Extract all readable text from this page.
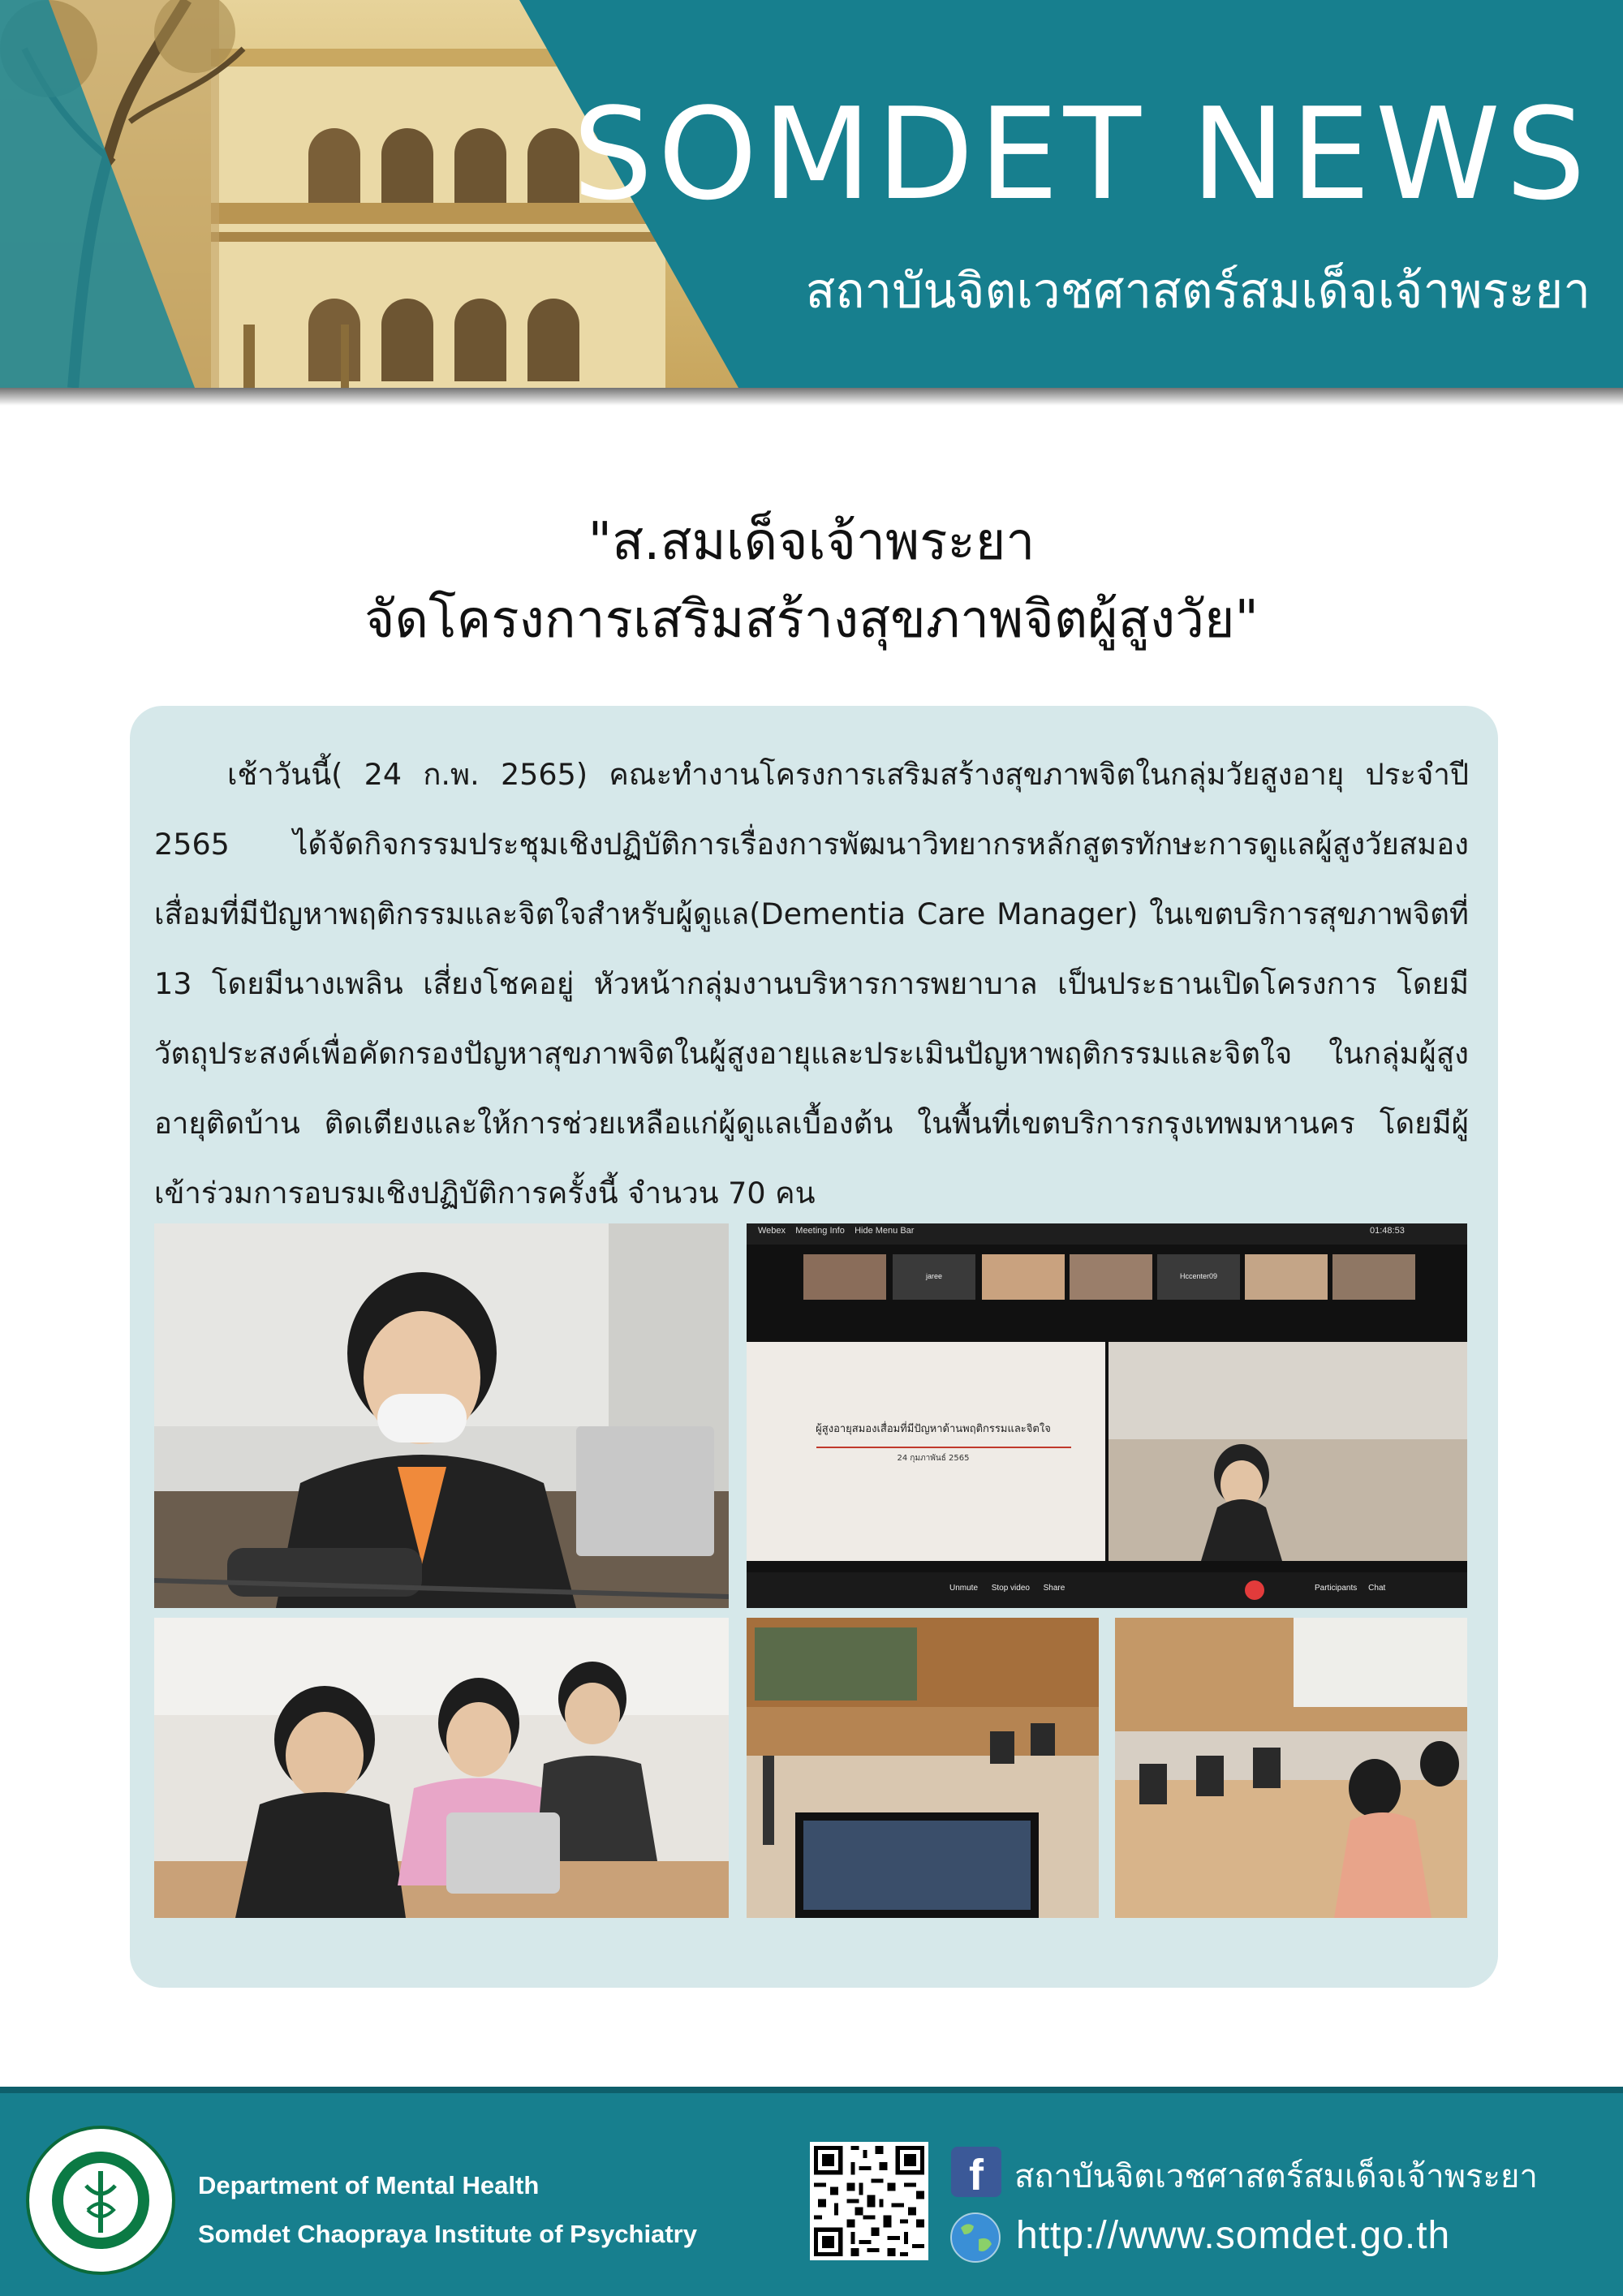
SOMDET NEWS
สถาบันจิตเวชศาสตร์สมเด็จเจ้าพระยา
"ส.สมเด็จเจ้าพระยา
จัดโครงการเสริมสร้างสุขภาพจิตผู้สูงวัย"
เช้าวันนี้( 24 ก.พ. 2565) คณะทำงานโครงการเสริมสร้างสุขภาพจิตในกลุ่มวัยสูงอายุ ประจำปี 2565 ได้จัดกิจกรรมประชุมเชิงปฏิบัติการเรื่องการพัฒนาวิทยากรหลักสูตรทักษะการดูแลผู้สูงวัยสมองเสื่อมที่มีปัญหาพฤติกรรมและจิตใจสำหรับผู้ดูแล(Dementia Care Manager) ในเขตบริการสุขภาพจิตที่ 13 โดยมีนางเพลิน เสี่ยงโชคอยู่ หัวหน้ากลุ่มงานบริหารการพยาบาล เป็นประธานเปิดโครงการ โดยมีวัตถุประสงค์เพื่อคัดกรองปัญหาสุขภาพจิตในผู้สูงอายุและประเมินปัญหาพฤติกรรมและจิตใจ ในกลุ่มผู้สูงอายุติดบ้าน ติดเตียงและให้การช่วยเหลือแก่ผู้ดูแลเบื้องต้น ในพื้นที่เขตบริการกรุงเทพมหานคร โดยมีผู้เข้าร่วมการอบรมเชิงปฏิบัติการครั้งนี้ จำนวน 70 คน
Webex Meeting Info Hide Menu Bar	01:48:53
jaree	Hccenter09
ผู้สูงอายุสมองเสื่อมที่มีปัญหาด้านพฤติกรรมและจิตใจ
24 กุมภาพันธ์ 2565
Unmute Stop video Share	Participants Chat
Department of Mental Health
Somdet Chaopraya Institute of Psychiatry
f สถาบันจิตเวชศาสตร์สมเด็จเจ้าพระยา
http://www.somdet.go.th
